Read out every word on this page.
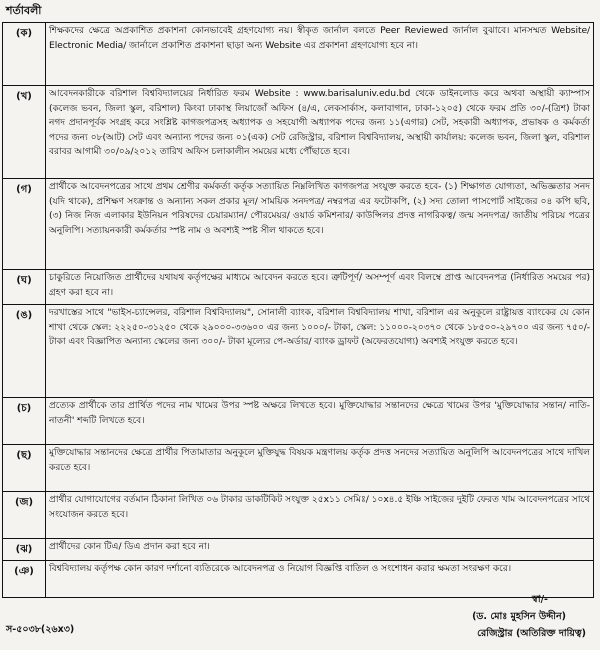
শর্তাবলী
(ক)	শিক্ষকদের ক্ষেত্রে অপ্রকাশিত প্রকাশনা কোনভাবেই গ্রহণযোগ্য নয়। স্বীকৃত জার্নাল বলতে Peer Reviewed জার্নাল বুঝাবে। মানসম্মত Website/ Electronic Media/ জার্নালে প্রকাশিত প্রকাশনা ছাড়া অন্য Website এর প্রকাশনা গ্রহণযোগ্য হবে না।
(খ)	আবেদনকারীকে বরিশাল বিশ্ববিদ্যালয়ের নির্ধারিত ফরম Website : www.barisaluniv.edu.bd থেকে ডাইনলোড করে অথবা অস্থায়ী ক্যাম্পাস (কলেজ ভবন, জিলা স্কুল, বরিশাল) কিংবা ঢাকাস্থ লিয়াজোঁ অফিস (৪/এ, লেকসার্কাস, কলাবাগান, ঢাকা-১২০৫) থেকে ফরম প্রতি ৩০/-(ত্রিশ) টাকা নগদ প্রদানপূর্বক সংগ্রহ করে সংশ্লিষ্ট কাগজপত্রসহ অধ্যাপক ও সহযোগী অধ্যাপক পদের জন্য ১১(এগার) সেট, সহকারী অধ্যাপক, প্রভাষক ও কর্মকর্তা পদের জন্য ০৮(আট) সেট এবং অন্যান্য পদের জন্য ০১(এক) সেট রেজিস্ট্রার, বরিশাল বিশ্ববিদ্যালয়, অস্থায়ী কার্যালয়: কলেজ ভবন, জিলা স্কুল, বরিশাল বরাবর আগামী ৩০/০৯/২০১২ তারিখ অফিস চলাকালীন সময়ের মধ্যে পৌঁছাতে হবে।
(গ)	প্রার্থীকে আবেদনপত্রের সাথে প্রথম শ্রেণীর কর্মকর্তা কর্তৃক সত্যায়িত নিম্নলিখিত কাগজপত্র সংযুক্ত করতে হবে- (১) শিক্ষাগত যোগ্যতা, অভিজ্ঞতার সনদ (যদি থাকে), প্রশিক্ষণ সংক্রান্ত ও অন্যান্য সকল প্রকার মূল/ সাময়িক সনদপত্র/ নম্বরপত্র এর ফটোকপি, (২) সদ্য তোলা পাসপোর্ট সাইজের ০৪ কপি ছবি, (৩) নিজ নিজ এলাকার ইউনিয়ন পরিষদের চেয়ারম্যান/ পৌরমেয়র/ ওয়ার্ড কমিশনার/ কাউন্সিলর প্রদত্ত নাগরিকত্ব/ জন্ম সনদপত্র/ জাতীয় পরিচয় পত্রের অনুলিপি। সত্যায়নকারী কর্মকর্তার স্পষ্ট নাম ও অবশ্যই স্পষ্ট সীল থাকতে হবে।
(ঘ)	চাকুরিতে নিয়োজিত প্রার্থীদের যথাযথ কর্তৃপক্ষের মাধ্যমে আবেদন করতে হবে। ত্রুটিপূর্ণ/ অসম্পূর্ণ এবং বিলম্বে প্রাপ্ত আবেদনপত্র (নির্ধারিত সময়ের পর) গ্রহণ করা হবে না।
(ঙ)	দরখাস্তের সাথে "ভাইস-চ্যান্সেলর, বরিশাল বিশ্ববিদ্যালয়", সোনালী ব্যাংক, বরিশাল বিশ্ববিদ্যালয় শাখা, বরিশাল এর অনুকূলে রাষ্ট্রায়ত্ত ব্যাংকের যে কোন শাখা থেকে স্কেল: ২২২৫০-৩১২৫০ থেকে ২৯০০০-৩৩৬০০ এর জন্য ১০০০/- টাকা, স্কেল: ১১০০০-২০৩৭০ থেকে ১৮৫০০-২৯৭০০ এর জন্য ৭৫০/- টাকা এবং বিজ্ঞাপিত অন্যান্য স্কেলের জন্য ৩০০/- টাকা মূল্যের পে-অর্ডার/ ব্যাংক ড্রাফট (অফেরতযোগ্য) অবশ্যই সংযুক্ত করতে হবে।
(চ)	প্রত্যেক প্রার্থীকে তার প্রার্থিত পদের নাম খামের উপর স্পষ্ট অক্ষরে লিখতে হবে। মুক্তিযোদ্ধার সন্তানদের ক্ষেত্রে খামের উপর 'মুক্তিযোদ্ধার সন্তান/ নাতি-নাতনী' শব্দটি লিখতে হবে।
(ছ)	মুক্তিযোদ্ধার সন্তানদের ক্ষেত্রে প্রার্থীর পিতামাতার অনুকূলে মুক্তিযুদ্ধ বিষয়ক মন্ত্রণালয় কর্তৃক প্রদত্ত সনদের সত্যায়িত অনুলিপি আবেদনপত্রের সাথে দাখিল করতে হবে।
(জ)	প্রার্থীর যোগাযোগের বর্তমান ঠিকানা লিখিত ০৬ টাকার ডাকটিকিট সংযুক্ত ২৫x১১ সেমিঃ/ ১০x৪.৫ ইঞ্চি সাইজের দুইটি ফেরত খাম আবেদনপত্রের সাথে সংযোজন করতে হবে।
(ঝ)	প্রার্থীদের কোন টিএ/ ডিএ প্রদান করা হবে না।
(ঞ)	বিশ্ববিদ্যালয় কর্তৃপক্ষ কোন কারণ দর্শানো ব্যতিরেকে আবেদনপত্র ও নিয়োগ বিজ্ঞপ্তি বাতিল ও সংশোধন করার ক্ষমতা সংরক্ষণ করে।
স্বা/-
(ড. মোঃ মুহসিন উদ্দীন)
রেজিস্ট্রার (অতিরিক্ত দায়িত্ব)
স-৫০৩৮(২৬x৩)
